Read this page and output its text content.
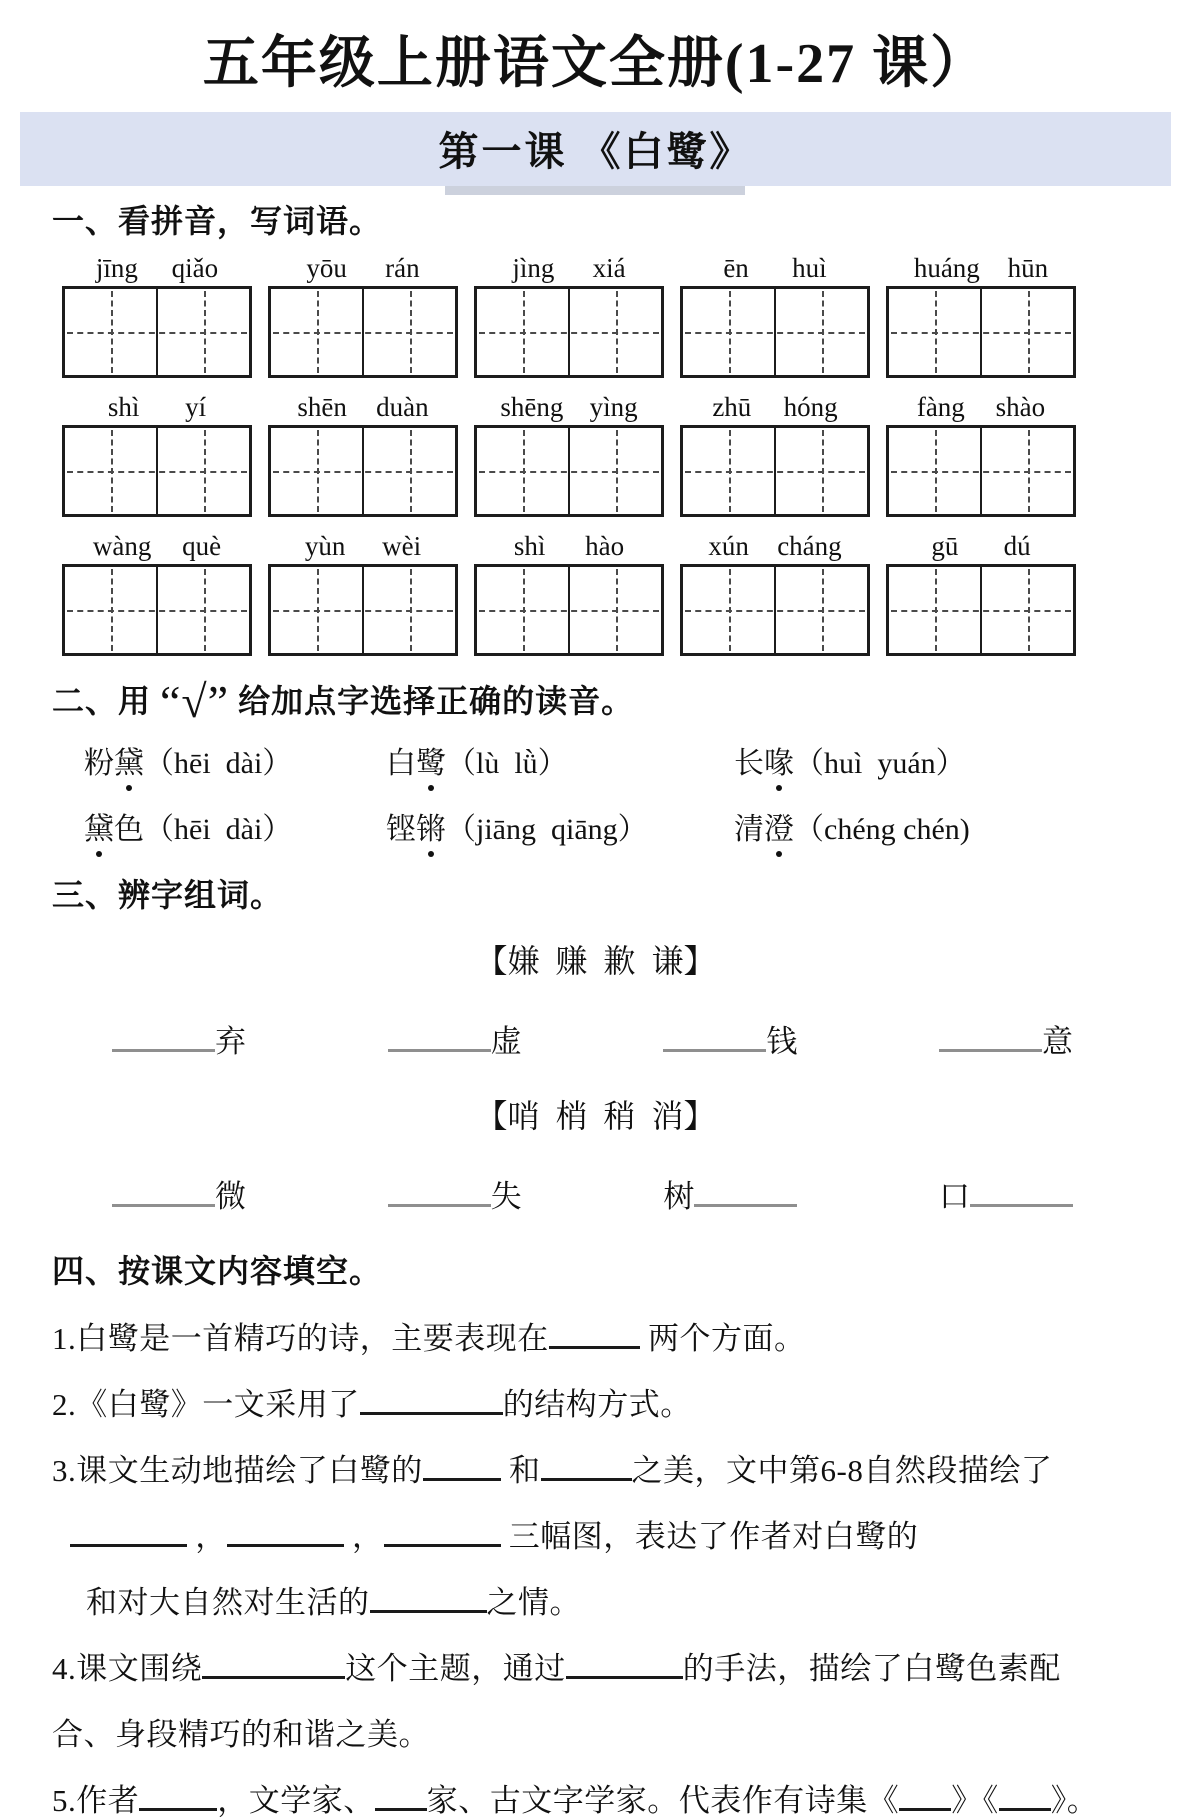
五年级上册语文全册(1-27 课）
第一课 《白鹭》
一、看拼音，写词语。
jīng qiǎo	yōu rán	jìng xiá	ēn huì	huáng hūn
shì yí	shēn duàn	shēng yìng	zhū hóng	fàng shào
wàng què	yùn wèi	shì hào	xún cháng	gū dú
二、用 “√” 给加点字选择正确的读音。
粉黛（hēi  dài）	白鹭（lù  lǜ）	长喙（huì  yuán）
黛色（hēi  dài）	铿锵（jiāng  qiāng）	清澄（chéng chén)
三、辨字组词。
【嫌  赚  歉  谦】
弃	虚	钱	意
【哨  梢  稍  消】
微	失	树	口
四、按课文内容填空。
1.白鹭是一首精巧的诗，主要表现在	两个方面。
2.《白鹭》一文采用了	的结构方式。
3.课文生动地描绘了白鹭的	和	之美，文中第6-8自然段描绘了
，	，	三幅图，表达了作者对白鹭的
和对大自然对生活的	之情。
4.课文围绕	这个主题，通过	的手法，描绘了白鹭色素配
合、身段精巧的和谐之美。
5.作者	，文学家、 家、古文字学家。代表作有诗集《 》《 》。
